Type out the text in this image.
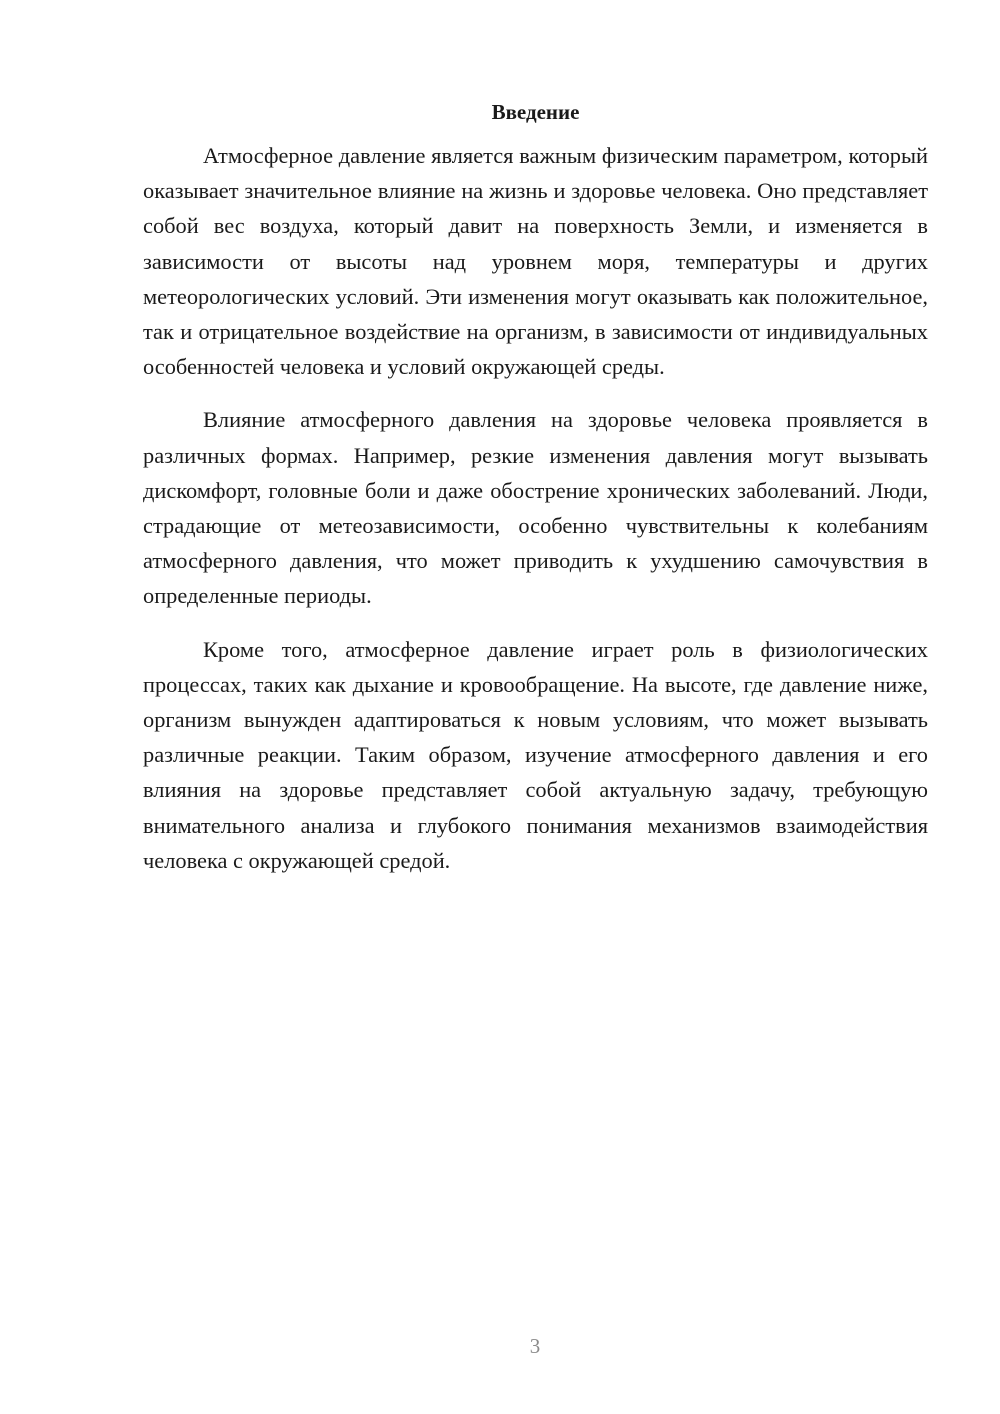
Введение

Атмосферное давление является важным физическим параметром, который оказывает значительное влияние на жизнь и здоровье человека. Оно представляет собой вес воздуха, который давит на поверхность Земли, и изменяется в зависимости от высоты над уровнем моря, температуры и других метеорологических условий. Эти изменения могут оказывать как положительное, так и отрицательное воздействие на организм, в зависимости от индивидуальных особенностей человека и условий окружающей среды.

Влияние атмосферного давления на здоровье человека проявляется в различных формах. Например, резкие изменения давления могут вызывать дискомфорт, головные боли и даже обострение хронических заболеваний. Люди, страдающие от метеозависимости, особенно чувствительны к колебаниям атмосферного давления, что может приводить к ухудшению самочувствия в определенные периоды.

Кроме того, атмосферное давление играет роль в физиологических процессах, таких как дыхание и кровообращение. На высоте, где давление ниже, организм вынужден адаптироваться к новым условиям, что может вызывать различные реакции. Таким образом, изучение атмосферного давления и его влияния на здоровье представляет собой актуальную задачу, требующую внимательного анализа и глубокого понимания механизмов взаимодействия человека с окружающей средой.

3
